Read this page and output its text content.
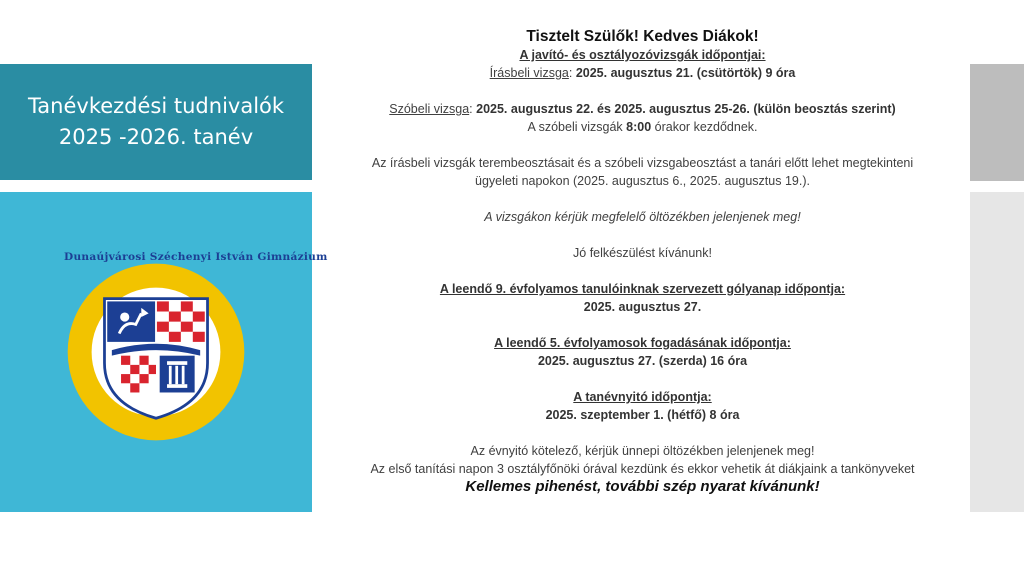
Tanévkezdési tudnivalók
2025 -2026. tanév
Dunaújvárosi Széchenyi István Gimnázium

Tisztelt Szülők! Kedves Diákok!

A javító- és osztályozóvizsgák időpontjai:

Írásbeli vizsga: 2025. augusztus 21. (csütörtök) 9 óra

Szóbeli vizsga: 2025. augusztus 22. és 2025. augusztus 25-26. (külön beosztás szerint)

A szóbeli vizsgák 8:00 órakor kezdődnek.

Az írásbeli vizsgák terembeosztásait és a szóbeli vizsgabeosztást a tanári előtt lehet megtekinteni

ügyeleti napokon (2025. augusztus 6., 2025. augusztus 19.).

A vizsgákon kérjük megfelelő öltözékben jelenjenek meg!

Jó felkészülést kívánunk!

A leendő 9. évfolyamos tanulóinknak szervezett gólyanap időpontja:

2025. augusztus 27.

A leendő 5. évfolyamosok fogadásának időpontja:

2025. augusztus 27. (szerda) 16 óra

A tanévnyitó időpontja:

2025. szeptember 1. (hétfő) 8 óra

Az évnyitó kötelező, kérjük ünnepi öltözékben jelenjenek meg!

Az első tanítási napon 3 osztályfőnöki órával kezdünk és ekkor vehetik át diákjaink a tankönyveket

Kellemes pihenést, további szép nyarat kívánunk!
